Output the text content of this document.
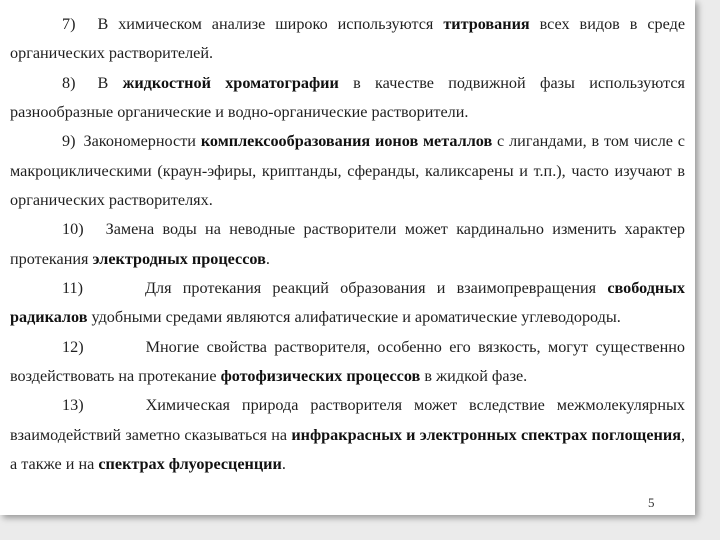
7) В химическом анализе широко используются титрования всех видов в среде органических растворителей.

8) В жидкостной хроматографии в качестве подвижной фазы используются разнообразные органические и водно-органические растворители.

9) Закономерности комплексообразования ионов металлов с лигандами, в том числе с макроциклическими (краун-эфиры, криптанды, сферанды, каликсарены и т.п.), часто изучают в органических растворителях.

10) Замена воды на неводные растворители может кардинально изменить характер протекания электродных процессов.

11)	Для протекания реакций образования и взаимопревращения свободных радикалов удобными средами являются алифатические и ароматические углеводороды.

12)	Многие свойства растворителя, особенно его вязкость, могут существенно воздействовать на протекание фотофизических процессов в жидкой фазе.

13)	Химическая природа растворителя может вследствие межмолекулярных взаимодействий заметно сказываться на инфракрасных и электронных спектрах поглощения, а также и на спектрах флуоресценции.

5
